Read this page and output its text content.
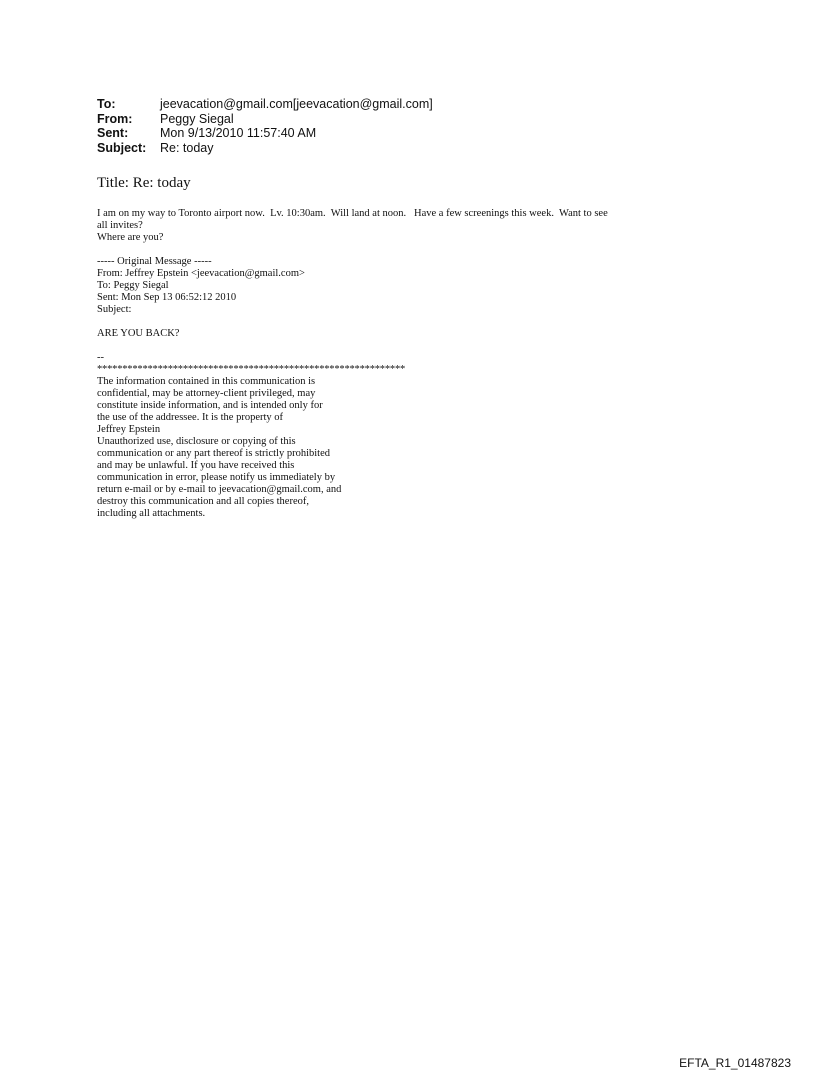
To:	jeevacation@gmail.com[jeevacation@gmail.com]
From:	Peggy Siegal
Sent:	Mon 9/13/2010 11:57:40 AM
Subject:	Re: today
Title: Re: today
I am on my way to Toronto airport now.  Lv. 10:30am.  Will land at noon.   Have a few screenings this week.  Want to see
all invites?
Where are you?
----- Original Message -----
From: Jeffrey Epstein <jeevacation@gmail.com>
To: Peggy Siegal
Sent: Mon Sep 13 06:52:12 2010
Subject:
ARE YOU BACK?
--
*************************************************************
The information contained in this communication is
confidential, may be attorney-client privileged, may
constitute inside information, and is intended only for
the use of the addressee. It is the property of
Jeffrey Epstein
Unauthorized use, disclosure or copying of this
communication or any part thereof is strictly prohibited
and may be unlawful. If you have received this
communication in error, please notify us immediately by
return e-mail or by e-mail to jeevacation@gmail.com, and
destroy this communication and all copies thereof,
including all attachments.
EFTA_R1_01487823
